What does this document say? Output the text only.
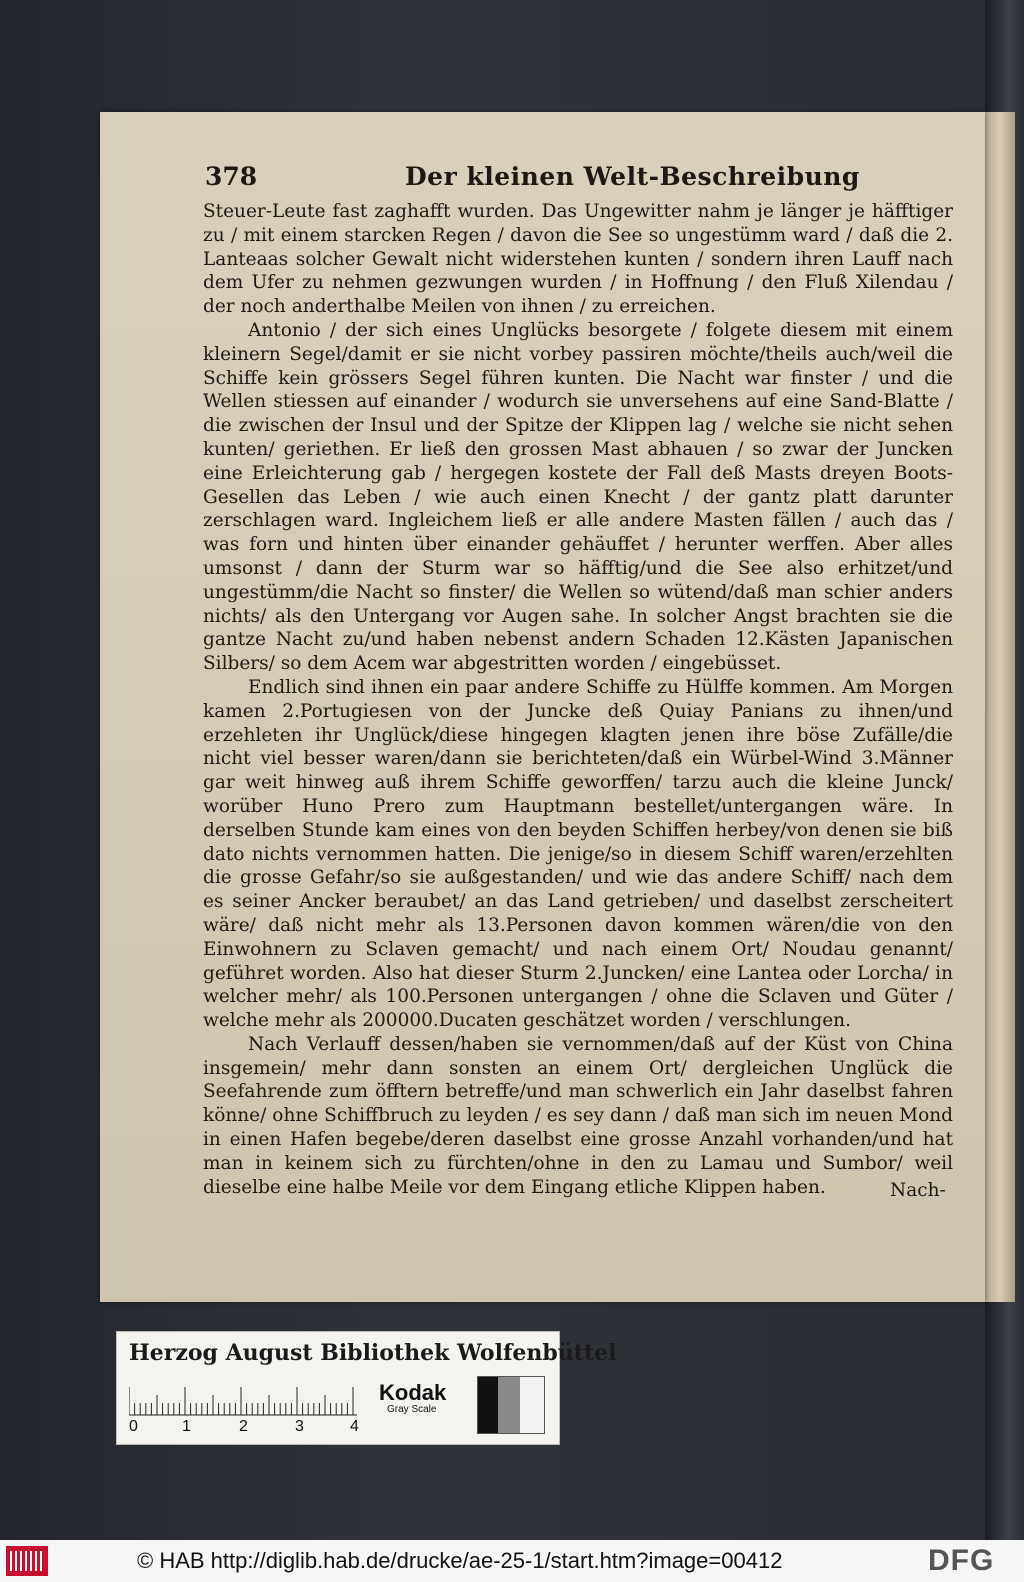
378	Der kleinen Welt-Beschreibung

Steuer-Leute fast zaghafft wurden. Das Ungewitter nahm je länger je häfftiger zu / mit einem starcken Regen / davon die See so ungestümm ward / daß die 2. Lanteaas solcher Gewalt nicht widerstehen kunten / sondern ihren Lauff nach dem Ufer zu nehmen gezwungen wurden / in Hoffnung / den Fluß Xilendau / der noch anderthalbe Meilen von ihnen / zu erreichen.

Antonio / der sich eines Unglücks besorgete / folgete diesem mit einem kleinern Segel/damit er sie nicht vorbey passiren möchte/theils auch/weil die Schiffe kein grössers Segel führen kunten. Die Nacht war finster / und die Wellen stiessen auf einander / wodurch sie unversehens auf eine Sand-Blatte / die zwischen der Insul und der Spitze der Klippen lag / welche sie nicht sehen kunten/ geriethen. Er ließ den grossen Mast abhauen / so zwar der Juncken eine Erleichterung gab / hergegen kostete der Fall deß Masts dreyen Boots-Gesellen das Leben / wie auch einen Knecht / der gantz platt darunter zerschlagen ward. Ingleichem ließ er alle andere Masten fällen / auch das / was forn und hinten über einander gehäuffet / herunter werffen. Aber alles umsonst / dann der Sturm war so häfftig/und die See also erhitzet/und ungestümm/die Nacht so finster/ die Wellen so wütend/daß man schier anders nichts/ als den Untergang vor Augen sahe. In solcher Angst brachten sie die gantze Nacht zu/und haben nebenst andern Schaden 12.Kästen Japanischen Silbers/ so dem Acem war abgestritten worden / eingebüsset.

Endlich sind ihnen ein paar andere Schiffe zu Hülffe kommen. Am Morgen kamen 2.Portugiesen von der Juncke deß Quiay Panians zu ihnen/und erzehleten ihr Unglück/diese hingegen klagten jenen ihre böse Zufälle/die nicht viel besser waren/dann sie berichteten/daß ein Würbel-Wind 3.Männer gar weit hinweg auß ihrem Schiffe geworffen/ tarzu auch die kleine Junck/ worüber Huno Prero zum Hauptmann bestellet/untergangen wäre. In derselben Stunde kam eines von den beyden Schiffen herbey/von denen sie biß dato nichts vernommen hatten. Die jenige/so in diesem Schiff waren/erzehlten die grosse Gefahr/so sie außgestanden/ und wie das andere Schiff/ nach dem es seiner Ancker beraubet/ an das Land getrieben/ und daselbst zerscheitert wäre/ daß nicht mehr als 13.Personen davon kommen wären/die von den Einwohnern zu Sclaven gemacht/ und nach einem Ort/ Noudau genannt/ geführet worden. Also hat dieser Sturm 2.Juncken/ eine Lantea oder Lorcha/ in welcher mehr/ als 100.Personen untergangen / ohne die Sclaven und Güter / welche mehr als 200000.Ducaten geschätzet worden / verschlungen.

Nach Verlauff dessen/haben sie vernommen/daß auf der Küst von China insgemein/ mehr dann sonsten an einem Ort/ dergleichen Unglück die Seefahrende zum öfftern betreffe/und man schwerlich ein Jahr daselbst fahren könne/ ohne Schiffbruch zu leyden / es sey dann / daß man sich im neuen Mond in einen Hafen begebe/deren daselbst eine grosse Anzahl vorhanden/und hat man in keinem sich zu fürchten/ohne in den zu Lamau und Sumbor/ weil dieselbe eine halbe Meile vor dem Eingang etliche Klippen haben.	Nach-
Herzog August Bibliothek Wolfenbüttel
0	1	2	3	4
Kodak
Gray Scale
© HAB http://diglib.hab.de/drucke/ae-25-1/start.htm?image=00412	DFG
